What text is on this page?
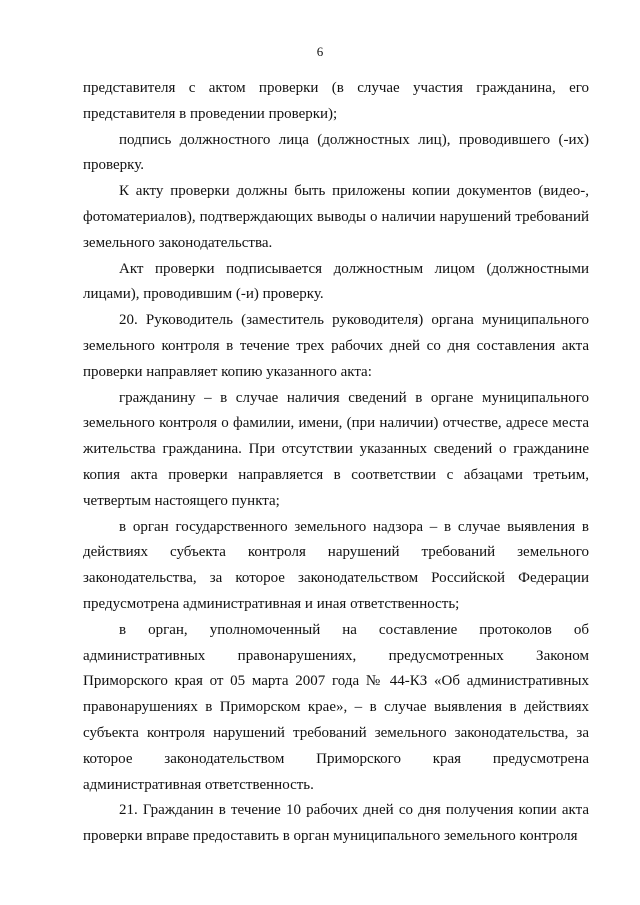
6

представителя с актом проверки (в случае участия гражданина, его представителя в проведении проверки);

подпись должностного лица (должностных лиц), проводившего (-их) проверку.

К акту проверки должны быть приложены копии документов (видео-, фотоматериалов), подтверждающих выводы о наличии нарушений требований земельного законодательства.

Акт проверки подписывается должностным лицом (должностными лицами), проводившим (-и) проверку.

20. Руководитель (заместитель руководителя) органа муниципального земельного контроля в течение трех рабочих дней со дня составления акта проверки направляет копию указанного акта:

гражданину – в случае наличия сведений в органе муниципального земельного контроля о фамилии, имени, (при наличии) отчестве, адресе места жительства гражданина. При отсутствии указанных сведений о гражданине копия акта проверки направляется в соответствии с абзацами третьим, четвертым настоящего пункта;

в орган государственного земельного надзора – в случае выявления в действиях субъекта контроля нарушений требований земельного законодательства, за которое законодательством Российской Федерации предусмотрена административная и иная ответственность;

в орган, уполномоченный на составление протоколов об административных правонарушениях, предусмотренных Законом Приморского края от 05 марта 2007 года № 44-КЗ «Об административных правонарушениях в Приморском крае», – в случае выявления в действиях субъекта контроля нарушений требований земельного законодательства, за которое законодательством Приморского края предусмотрена административная ответственность.

21. Гражданин в течение 10 рабочих дней со дня получения копии акта проверки вправе предоставить в орган муниципального земельного контроля
